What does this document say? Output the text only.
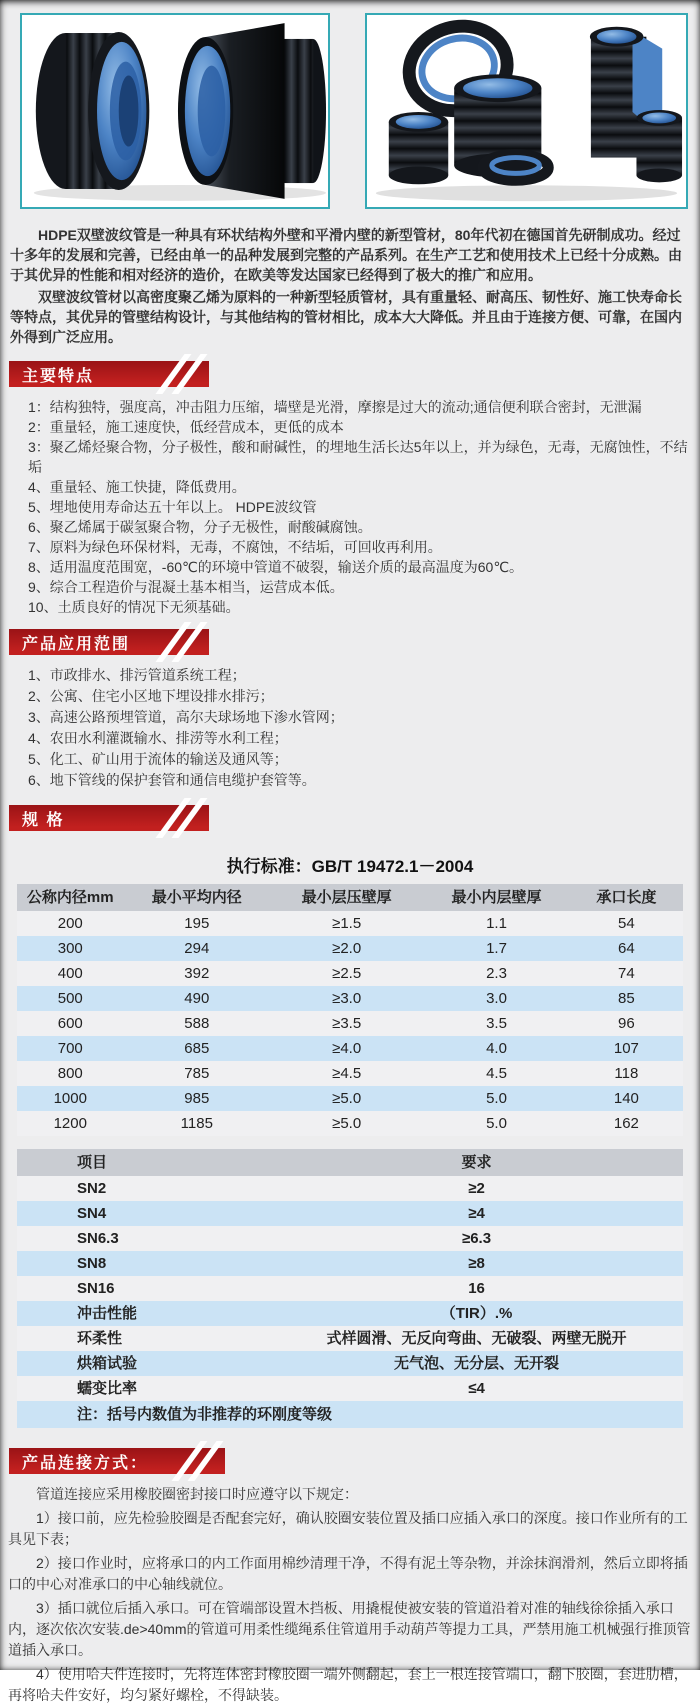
HDPE双壁波纹管是一种具有环状结构外壁和平滑内壁的新型管材，80年代初在德国首先研制成功。经过十多年的发展和完善，已经由单一的品种发展到完整的产品系列。在生产工艺和使用技术上已经十分成熟。由于其优异的性能和相对经济的造价，在欧美等发达国家已经得到了极大的推广和应用。

双壁波纹管材以高密度聚乙烯为原料的一种新型轻质管材，具有重量轻、耐高压、韧性好、施工快寿命长等特点，其优异的管壁结构设计，与其他结构的管材相比，成本大大降低。并且由于连接方便、可靠，在国内外得到广泛应用。

主要特点
1：结构独特，强度高，冲击阻力压缩，墙壁是光滑，摩擦是过大的流动;通信便利联合密封，无泄漏
2：重量轻，施工速度快，低经营成本，更低的成本
3：聚乙烯烃聚合物，分子极性，酸和耐碱性，的埋地生活长达5年以上，并为绿色，无毒，无腐蚀性，不结垢
4、重量轻、施工快捷，降低费用。
5、埋地使用寿命达五十年以上。 HDPE波纹管
6、聚乙烯属于碳氢聚合物，分子无极性，耐酸碱腐蚀。
7、原料为绿色环保材料，无毒，不腐蚀，不结垢，可回收再利用。
8、适用温度范围宽，-60℃的环境中管道不破裂，输送介质的最高温度为60℃。
9、综合工程造价与混凝土基本相当，运营成本低。
10、土质良好的情况下无须基础。
产品应用范围
1、市政排水、排污管道系统工程；
2、公寓、住宅小区地下埋设排水排污；
3、高速公路预埋管道，高尔夫球场地下渗水管网；
4、农田水利灌溉输水、排涝等水利工程；
5、化工、矿山用于流体的输送及通风等；
6、地下管线的保护套管和通信电缆护套管等。
规 格
执行标准：GB/T 19472.1－2004
公称内径mm	最小平均内径	最小层压壁厚	最小内层壁厚	承口长度
200	195	≥1.5	1.1	54
300	294	≥2.0	1.7	64
400	392	≥2.5	2.3	74
500	490	≥3.0	3.0	85
600	588	≥3.5	3.5	96
700	685	≥4.0	4.0	107
800	785	≥4.5	4.5	118
1000	985	≥5.0	5.0	140
1200	1185	≥5.0	5.0	162
项目	要求
SN2	≥2
SN4	≥4
SN6.3	≥6.3
SN8	≥8
SN16	16
冲击性能	（TIR）.%
环柔性	式样圆滑、无反向弯曲、无破裂、两壁无脱开
烘箱试验	无气泡、无分层、无开裂
蠕变比率	≤4
注：括号内数值为非推荐的环刚度等级
产品连接方式：

管道连接应采用橡胶圈密封接口时应遵守以下规定：

1）接口前，应先检验胶圈是否配套完好，确认胶圈安装位置及插口应插入承口的深度。接口作业所有的工具见下表；

2）接口作业时，应将承口的内工作面用棉纱清理干净，不得有泥土等杂物，并涂抹润滑剂，然后立即将插口的中心对准承口的中心轴线就位。

3）插口就位后插入承口。可在管端部设置木挡板、用撬棍使被安装的管道沿着对准的轴线徐徐插入承口内，逐次依次安装.de>40mm的管道可用柔性缆绳系住管道用手动葫芦等提力工具，严禁用施工机械强行推顶管道插入承口。

4）使用哈夫件连接时，先将连体密封橡胶圈一端外侧翻起，套上一根连接管端口，翻下胶圈，套进肋槽，再将哈夫件安好，均匀紧好螺栓，不得缺装。
